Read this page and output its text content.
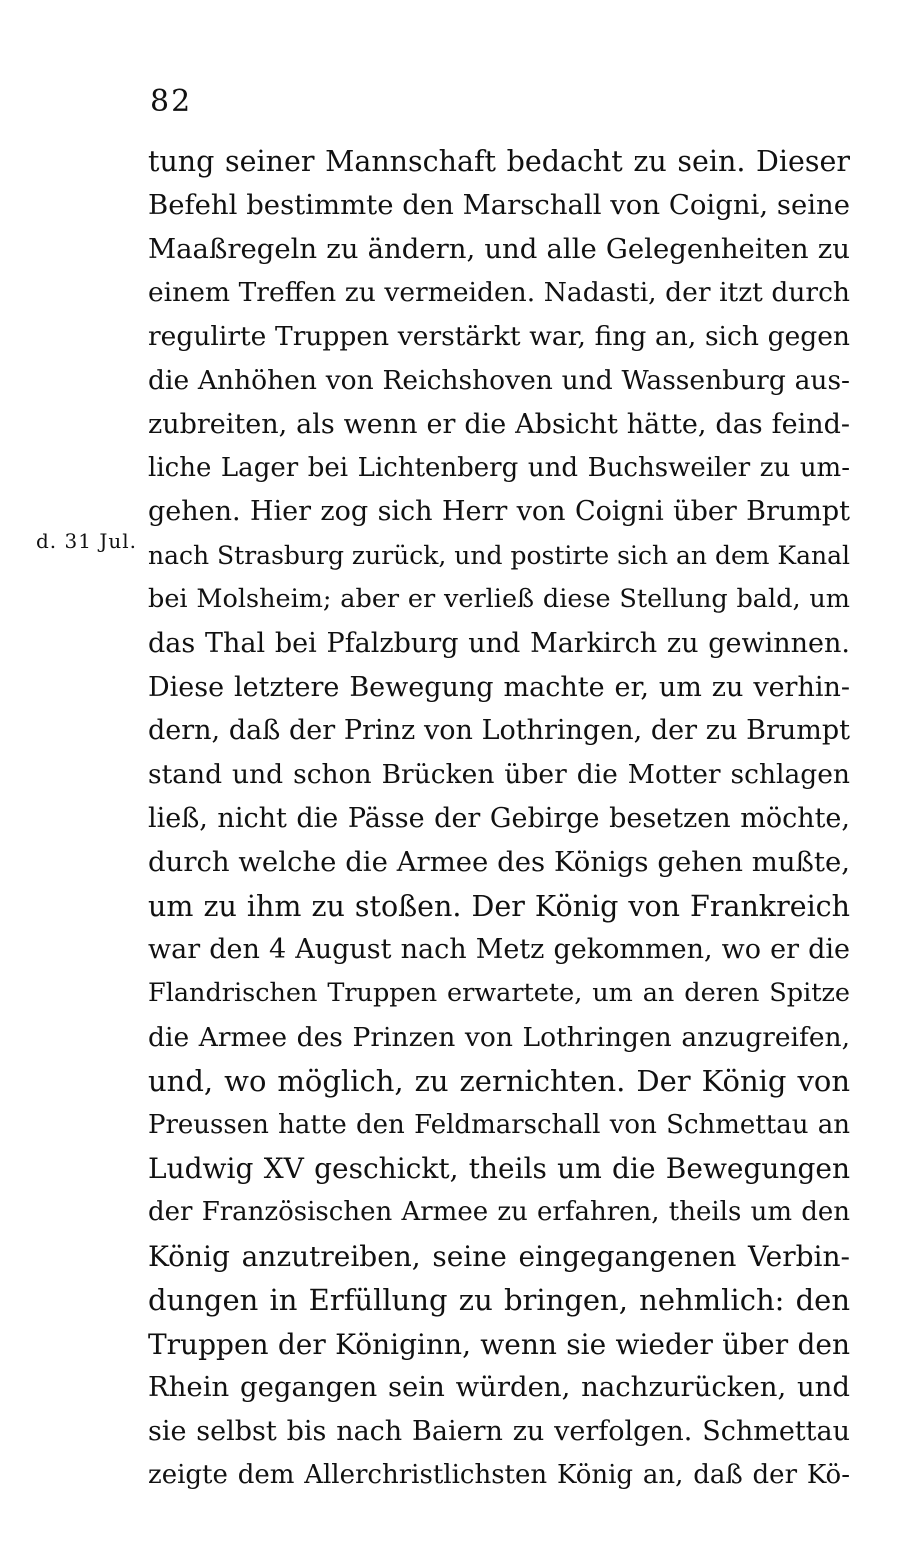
82
d. 31 Jul.
tung seiner Mannschaft bedacht zu sein. Dieser
Befehl bestimmte den Marschall von Coigni, seine
Maaßregeln zu ändern, und alle Gelegenheiten zu
einem Treffen zu vermeiden. Nadasti, der itzt durch
regulirte Truppen verstärkt war, fing an, sich gegen
die Anhöhen von Reichshoven und Wassenburg aus-
zubreiten, als wenn er die Absicht hätte, das feind-
liche Lager bei Lichtenberg und Buchsweiler zu um-
gehen. Hier zog sich Herr von Coigni über Brumpt
nach Strasburg zurück, und postirte sich an dem Kanal
bei Molsheim; aber er verließ diese Stellung bald, um
das Thal bei Pfalzburg und Markirch zu gewinnen.
Diese letztere Bewegung machte er, um zu verhin-
dern, daß der Prinz von Lothringen, der zu Brumpt
stand und schon Brücken über die Motter schlagen
ließ, nicht die Pässe der Gebirge besetzen möchte,
durch welche die Armee des Königs gehen mußte,
um zu ihm zu stoßen. Der König von Frankreich
war den 4 August nach Metz gekommen, wo er die
Flandrischen Truppen erwartete, um an deren Spitze
die Armee des Prinzen von Lothringen anzugreifen,
und, wo möglich, zu zernichten. Der König von
Preussen hatte den Feldmarschall von Schmettau an
Ludwig XV geschickt, theils um die Bewegungen
der Französischen Armee zu erfahren, theils um den
König anzutreiben, seine eingegangenen Verbin-
dungen in Erfüllung zu bringen, nehmlich: den
Truppen der Königinn, wenn sie wieder über den
Rhein gegangen sein würden, nachzurücken, und
sie selbst bis nach Baiern zu verfolgen. Schmettau
zeigte dem Allerchristlichsten König an, daß der Kö-
